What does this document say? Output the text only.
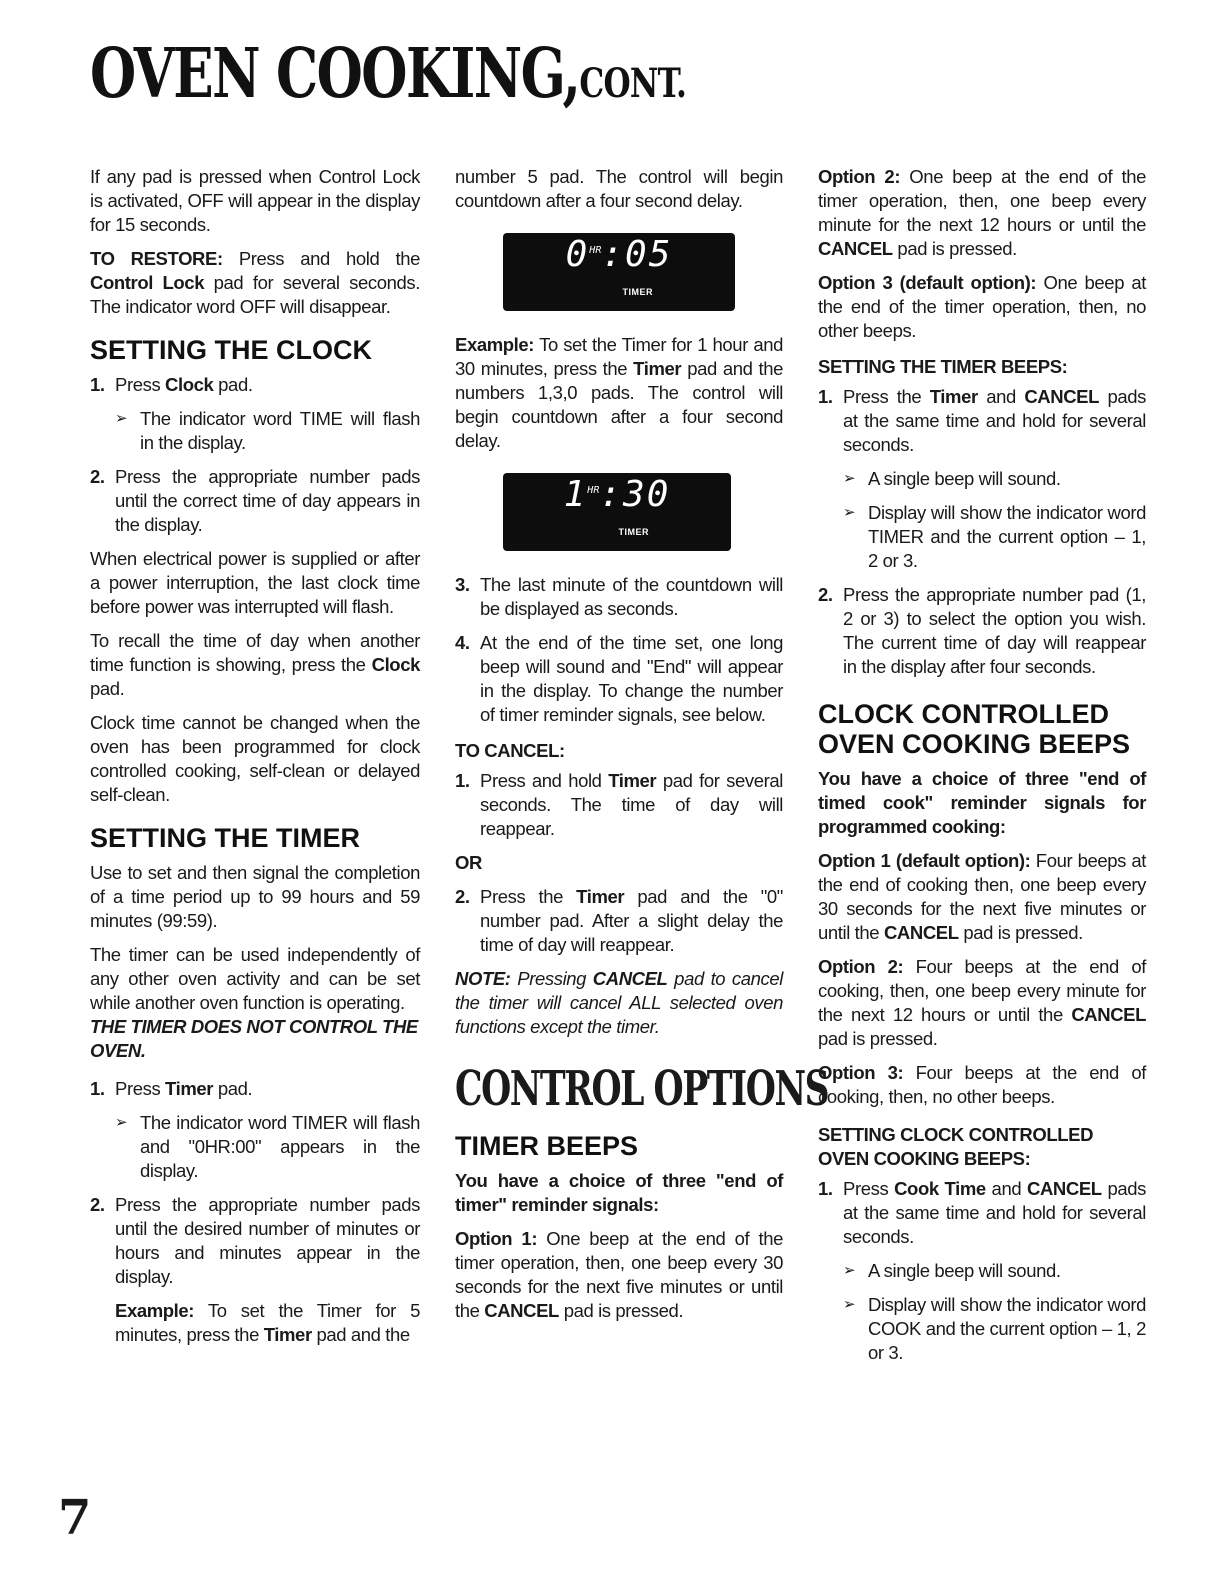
OVEN COOKING,CONT.

If any pad is pressed when Control Lock is activated, OFF will appear in the display for 15 seconds.

TO RESTORE: Press and hold the Control Lock pad for several seconds. The indicator word OFF will disappear.

SETTING THE CLOCK
1. Press Clock pad.
➢ The indicator word TIME will flash in the display.
2. Press the appropriate number pads until the correct time of day appears in the display.

When electrical power is supplied or after a power interruption, the last clock time before power was interrupted will flash.

To recall the time of day when another time function is showing, press the Clock pad.

Clock time cannot be changed when the oven has been programmed for clock controlled cooking, self-clean or delayed self-clean.

SETTING THE TIMER

Use to set and then signal the completion of a time period up to 99 hours and 59 minutes (99:59).

The timer can be used independently of any other oven activity and can be set while another oven function is operating.

THE TIMER DOES NOT CONTROL THE OVEN.

1. Press Timer pad.
➢ The indicator word TIMER will flash and "0HR:00" appears in the display.
2. Press the appropriate number pads until the desired number of minutes or hours and minutes appear in the display.

Example: To set the Timer for 5 minutes, press the Timer pad and the

number 5 pad. The control will begin countdown after a four second delay.

$0^{HR}:05$
TIMER

Example: To set the Timer for 1 hour and 30 minutes, press the Timer pad and the numbers 1,3,0 pads. The control will begin countdown after a four second delay.

$1^{HR}:30$
TIMER
3. The last minute of the countdown will be displayed as seconds.
4. At the end of the time set, one long beep will sound and "End" will appear in the display. To change the number of timer reminder signals, see below.
TO CANCEL:
1. Press and hold Timer pad for several seconds. The time of day will reappear.

OR

2. Press the Timer pad and the "0" number pad. After a slight delay the time of day will reappear.

NOTE: Pressing CANCEL pad to cancel the timer will cancel ALL selected oven functions except the timer.

CONTROL OPTIONS
TIMER BEEPS

You have a choice of three "end of timer" reminder signals:

Option 1: One beep at the end of the timer operation, then, one beep every 30 seconds for the next five minutes or until the CANCEL pad is pressed.

Option 2: One beep at the end of the timer operation, then, one beep every minute for the next 12 hours or until the CANCEL pad is pressed.

Option 3 (default option): One beep at the end of the timer operation, then, no other beeps.

SETTING THE TIMER BEEPS:
1. Press the Timer and CANCEL pads at the same time and hold for several seconds.
➢ A single beep will sound.
➢ Display will show the indicator word TIMER and the current option – 1, 2 or 3.
2. Press the appropriate number pad (1, 2 or 3) to select the option you wish. The current time of day will reappear in the display after four seconds.
CLOCK CONTROLLED OVEN COOKING BEEPS

You have a choice of three "end of timed cook" reminder signals for programmed cooking:

Option 1 (default option): Four beeps at the end of cooking then, one beep every 30 seconds for the next five minutes or until the CANCEL pad is pressed.

Option 2: Four beeps at the end of cooking, then, one beep every minute for the next 12 hours or until the CANCEL pad is pressed.

Option 3: Four beeps at the end of cooking, then, no other beeps.

SETTING CLOCK CONTROLLED
OVEN COOKING BEEPS:
1. Press Cook Time and CANCEL pads at the same time and hold for several seconds.
➢ A single beep will sound.
➢ Display will show the indicator word COOK and the current option – 1, 2 or 3.
7
